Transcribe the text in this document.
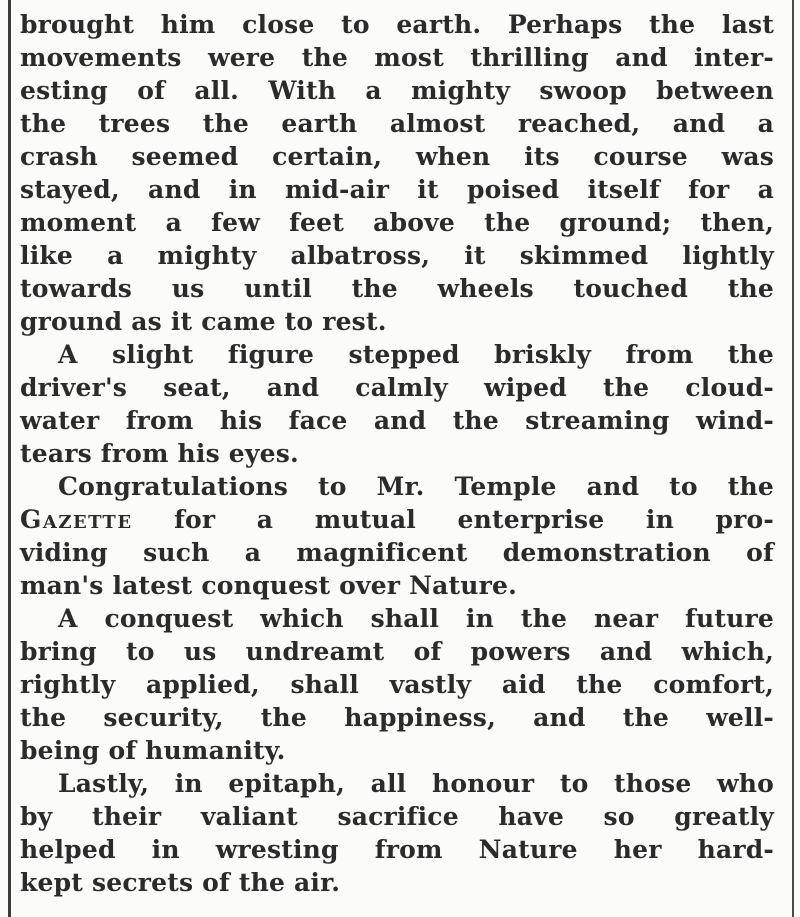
brought him close to earth. Perhaps the last
movements were the most thrilling and inter-
esting of all. With a mighty swoop between
the trees the earth almost reached, and a
crash seemed certain, when its course was
stayed, and in mid-air it poised itself for a
moment a few feet above the ground; then,
like a mighty albatross, it skimmed lightly
towards us until the wheels touched the
ground as it came to rest.
A slight figure stepped briskly from the
driver's seat, and calmly wiped the cloud-
water from his face and the streaming wind-
tears from his eyes.
Congratulations to Mr. Temple and to the
Gazette for a mutual enterprise in pro-
viding such a magnificent demonstration of
man's latest conquest over Nature.
A conquest which shall in the near future
bring to us undreamt of powers and which,
rightly applied, shall vastly aid the comfort,
the security, the happiness, and the well-
being of humanity.
Lastly, in epitaph, all honour to those who
by their valiant sacrifice have so greatly
helped in wresting from Nature her hard-
kept secrets of the air.
